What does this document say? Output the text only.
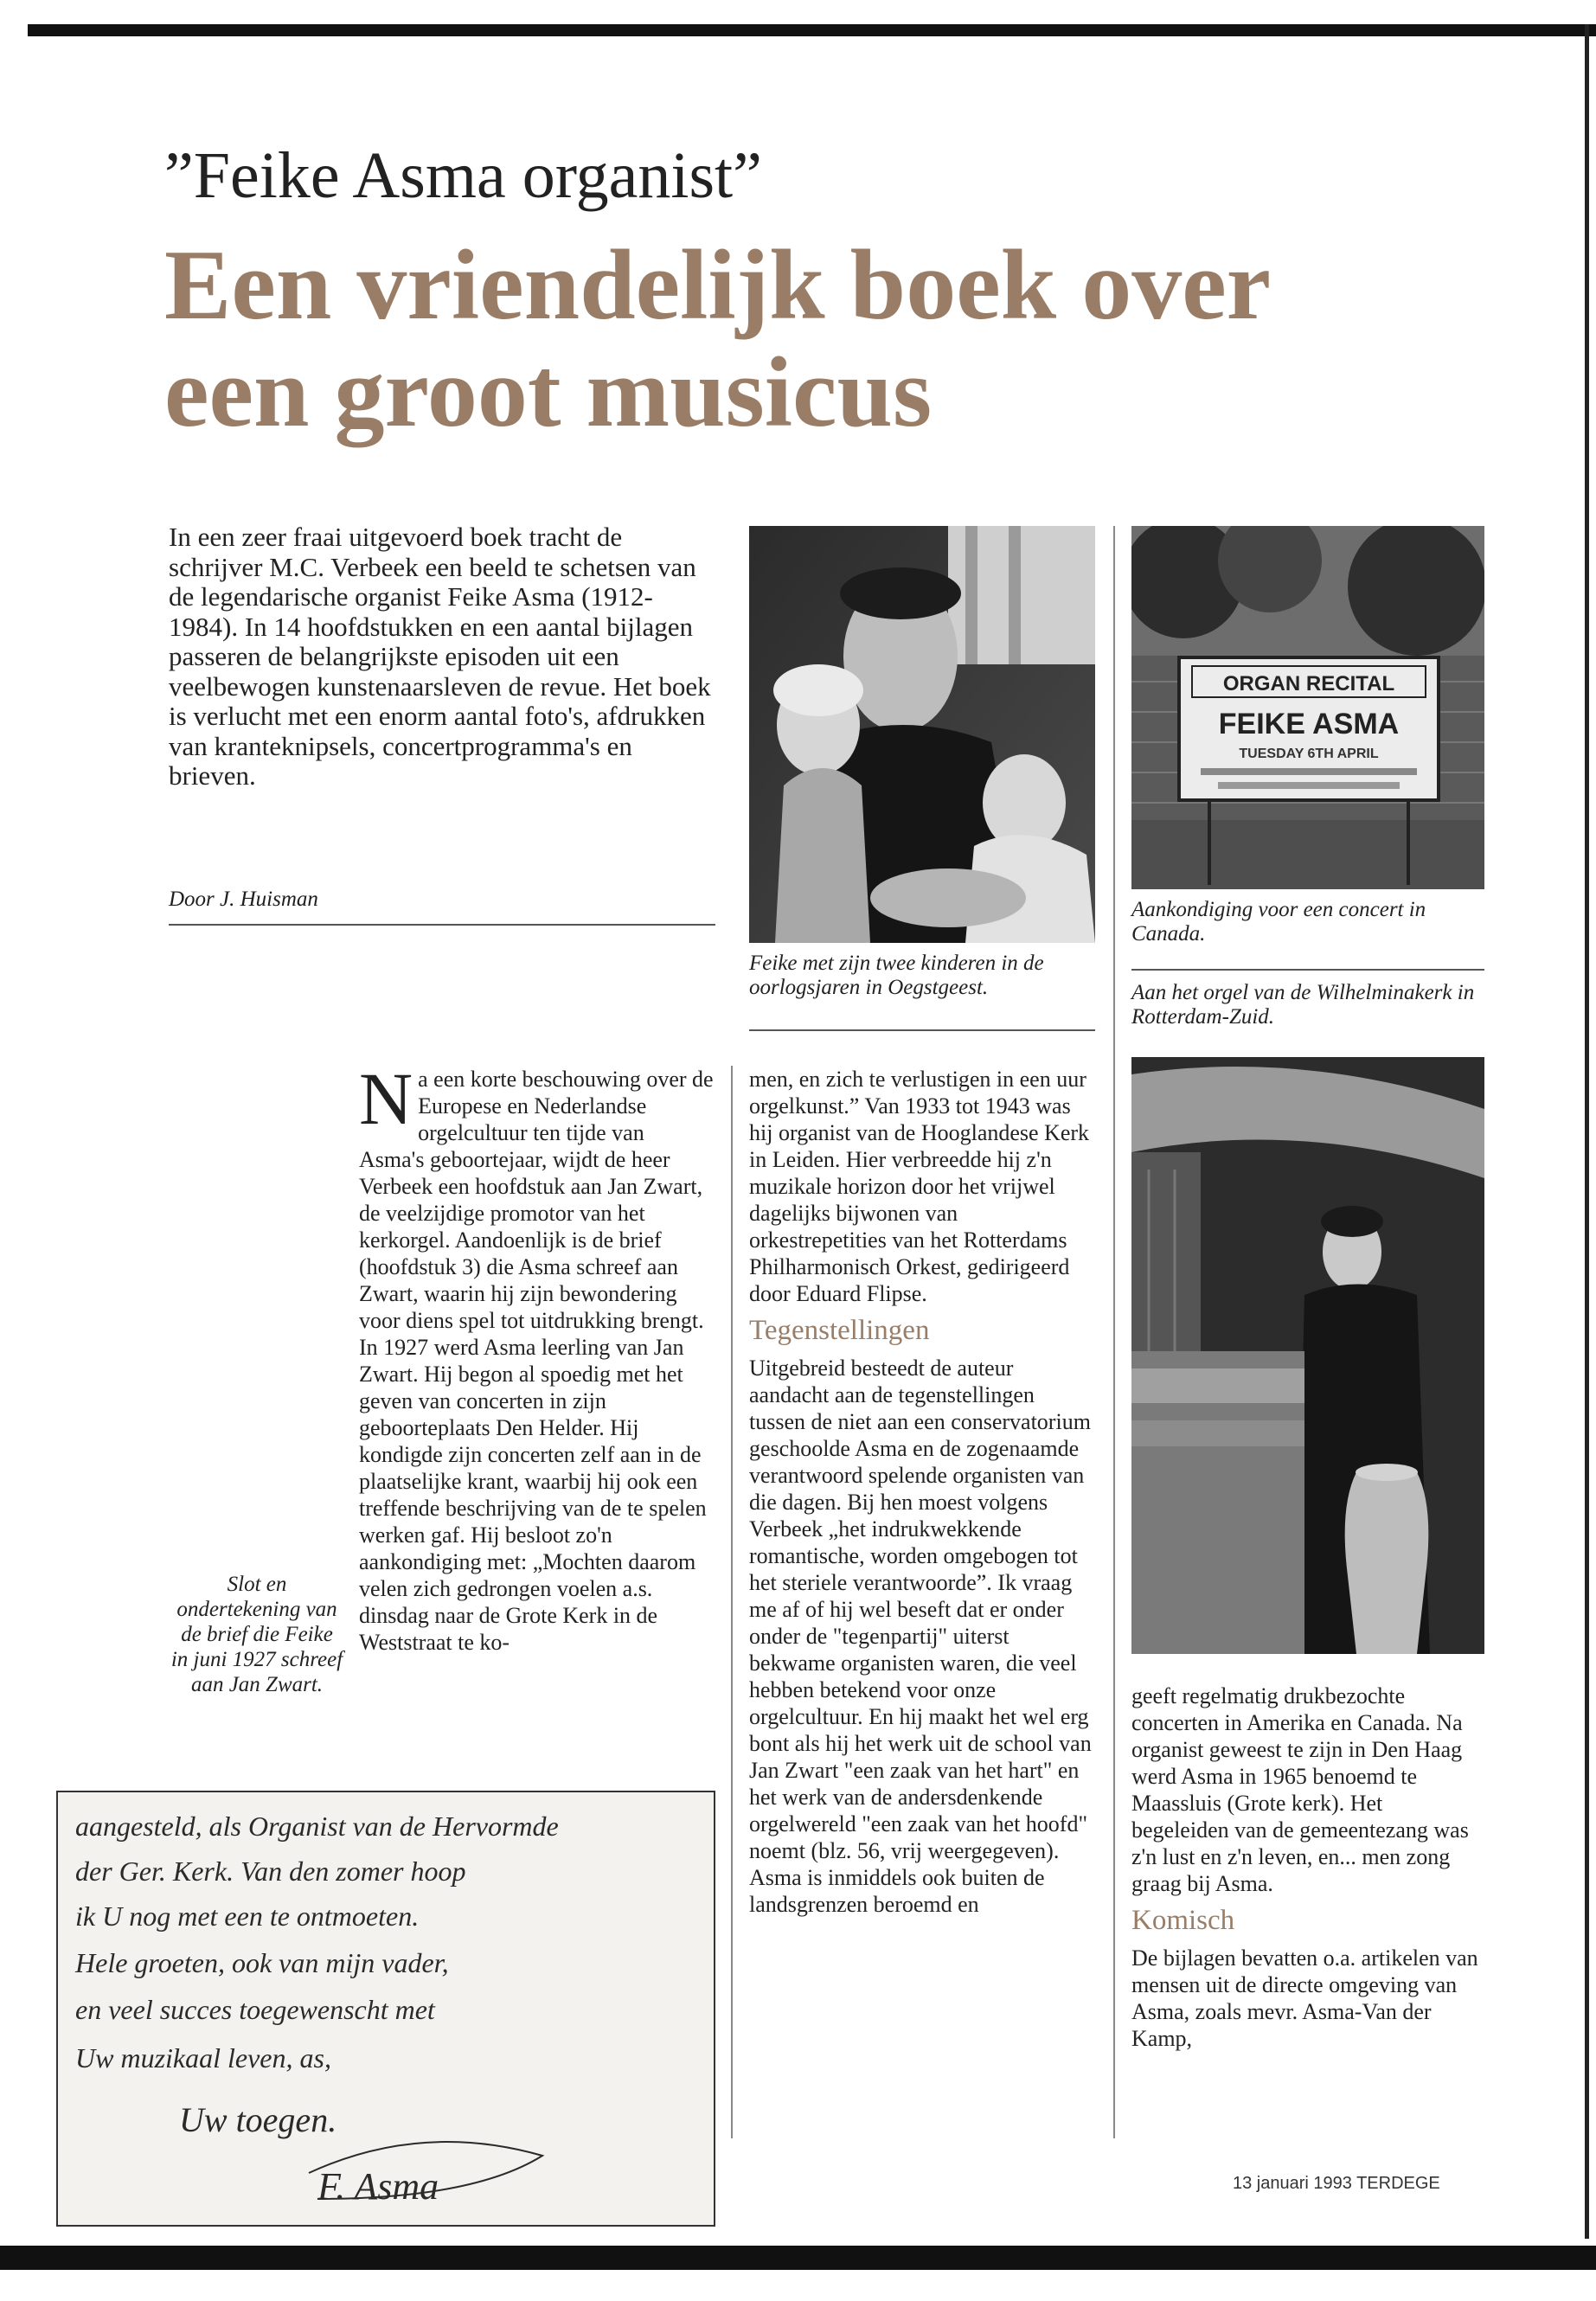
”Feike Asma organist”
Een vriendelijk boek over
een groot musicus
In een zeer fraai uitgevoerd boek tracht de schrijver M.C. Verbeek een beeld te schetsen van de legendarische organist Feike Asma (1912-1984). In 14 hoofdstukken en een aantal bijlagen passeren de belangrijkste episoden uit een veelbewogen kunstenaarsleven de revue. Het boek is verlucht met een enorm aantal foto's, afdrukken van kranteknipsels, concertprogramma's en brieven.
Door J. Huisman
Feike met zijn twee kinderen in de oorlogsjaren in Oegstgeest.
ORGAN RECITAL
FEIKE ASMA
TUESDAY 6TH APRIL
Aankondiging voor een concert in Canada.
Aan het orgel van de Wilhelminakerk in Rotterdam-Zuid.
Na een korte beschouwing over de Europese en Nederlandse orgelcultuur ten tijde van Asma's geboortejaar, wijdt de heer Verbeek een hoofdstuk aan Jan Zwart, de veelzijdige promotor van het kerkorgel. Aandoenlijk is de brief (hoofdstuk 3) die Asma schreef aan Zwart, waarin hij zijn bewondering voor diens spel tot uitdrukking brengt. In 1927 werd Asma leerling van Jan Zwart. Hij begon al spoedig met het geven van concerten in zijn geboorteplaats Den Helder. Hij kondigde zijn concerten zelf aan in de plaatselijke krant, waarbij hij ook een treffende beschrijving van de te spelen werken gaf. Hij besloot zo'n aankondiging met: „Mochten daarom velen zich gedrongen voelen a.s. dinsdag naar de Grote Kerk in de Weststraat te ko-
Slot en ondertekening van de brief die Feike in juni 1927 schreef aan Jan Zwart.
men, en zich te verlustigen in een uur orgelkunst.” Van 1933 tot 1943 was hij organist van de Hooglandese Kerk in Leiden. Hier verbreedde hij z'n muzikale horizon door het vrijwel dagelijks bijwonen van orkestrepetities van het Rotterdams Philharmonisch Orkest, gedirigeerd door Eduard Flipse.
Tegenstellingen
Uitgebreid besteedt de auteur aandacht aan de tegenstellingen tussen de niet aan een conservatorium geschoolde Asma en de zogenaamde verantwoord spelende organisten van die dagen. Bij hen moest volgens Verbeek „het indrukwekkende romantische, worden omgebogen tot het steriele verantwoorde”. Ik vraag me af of hij wel beseft dat er onder onder de "tegenpartij" uiterst bekwame organisten waren, die veel hebben betekend voor onze orgelcultuur. En hij maakt het wel erg bont als hij het werk uit de school van Jan Zwart "een zaak van het hart" en het werk van de andersdenkende orgelwereld "een zaak van het hoofd" noemt (blz. 56, vrij weergegeven). Asma is inmiddels ook buiten de landsgrenzen beroemd en
geeft regelmatig drukbezochte concerten in Amerika en Canada. Na organist geweest te zijn in Den Haag werd Asma in 1965 benoemd te Maassluis (Grote kerk). Het begeleiden van de gemeentezang was z'n lust en z'n leven, en... men zong graag bij Asma.
Komisch
De bijlagen bevatten o.a. artikelen van mensen uit de directe omgeving van Asma, zoals mevr. Asma-Van der Kamp,
aangesteld, als Organist van de Hervormde
der Ger. Kerk. Van den zomer hoop
ik U nog met een te ontmoeten.
Hele groeten, ook van mijn vader,
en veel succes toegewenscht met
Uw muzikaal leven, as,
Uw toegen.
F. Asma	13 januari 1993 TERDEGE
